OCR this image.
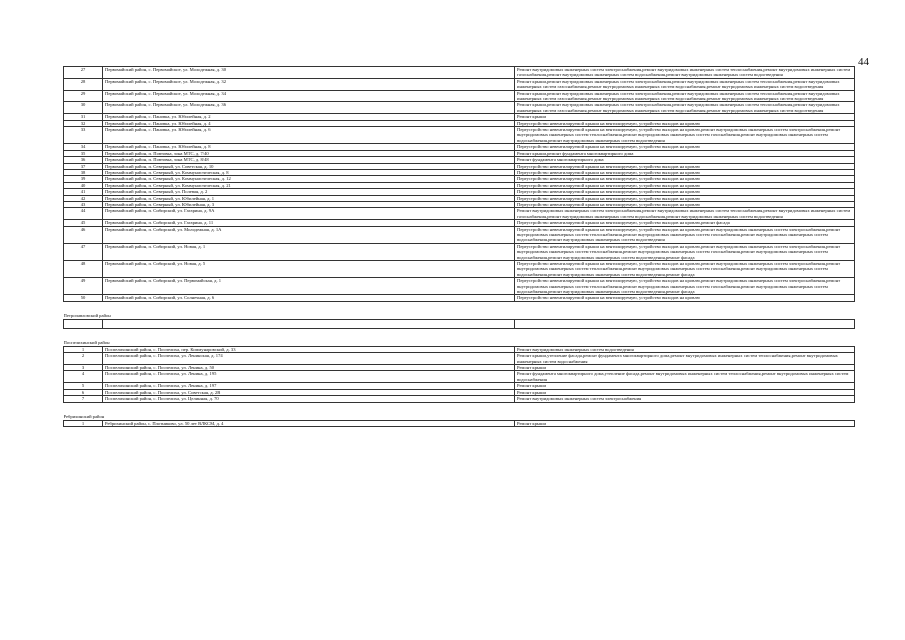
44
27	Первомайский район, с. Первомайское, ул. Молодежная, д. 30	Ремонт внутридомовых инженерных систем электроснабжения,ремонт внутридомовых инженерных систем теплоснабжения,ремонт внутридомовых инженерных систем газоснабжения,ремонт внутридомовых инженерных систем водоснабжения,ремонт внутридомовых инженерных систем водоотведения
28	Первомайский район, с. Первомайское, ул. Молодежная, д. 32	Ремонт крыши,ремонт внутридомовых инженерных систем электроснабжения,ремонт внутридомовых инженерных систем теплоснабжения,ремонт внутридомовых инженерных систем газоснабжения,ремонт внутридомовых инженерных систем водоснабжения,ремонт внутридомовых инженерных систем водоотведения
29	Первомайский район, с. Первомайское, ул. Молодежная, д. 34	Ремонт крыши,ремонт внутридомовых инженерных систем электроснабжения,ремонт внутридомовых инженерных систем теплоснабжения,ремонт внутридомовых инженерных систем газоснабжения,ремонт внутридомовых инженерных систем водоснабжения,ремонт внутридомовых инженерных систем водоотведения
30	Первомайский район, с. Первомайское, ул. Молодежная, д. 36	Ремонт крыши,ремонт внутридомовых инженерных систем электроснабжения,ремонт внутридомовых инженерных систем теплоснабжения,ремонт внутридомовых инженерных систем газоснабжения,ремонт внутридомовых инженерных систем водоснабжения,ремонт внутридомовых инженерных систем водоотведения
31	Первомайский район, с. Пановка, ул. Юбилейная, д. 2	Ремонт крыши
32	Первомайский район, с. Пановка, ул. Юбилейная, д. 4	Переустройство невентилируемой крыши на вентилируемую, устройство выходов на кровлю
33	Первомайский район, с. Пановка, ул. Юбилейная, д. 6	Переустройство невентилируемой крыши на вентилируемую, устройство выходов на кровлю,ремонт внутридомовых инженерных систем электроснабжения,ремонт внутридомовых инженерных систем теплоснабжения,ремонт внутридомовых инженерных систем газоснабжения,ремонт внутридомовых инженерных систем водоснабжения,ремонт внутридомовых инженерных систем водоотведения
34	Первомайский район, с. Пановка, ул. Юбилейная, д. 8	Переустройство невентилируемой крыши на вентилируемую, устройство выходов на кровлю
35	Первомайский район, п. Повтовка, зона МТС, д. 7/40	Ремонт крыши,ремонт фундамента многоквартирного дома
36	Первомайский район, п. Повтовка, зона МТС, д. 8/48	Ремонт фундамента многоквартирного дома
37	Первомайский район, п. Северный, ул. Советская, д. 10	Переустройство невентилируемой крыши на вентилируемую, устройство выходов на кровлю
38	Первомайский район, п. Северный, ул. Коммунистическая, д. 8	Переустройство невентилируемой крыши на вентилируемую, устройство выходов на кровлю
39	Первомайский район, п. Северный, ул. Коммунистическая, д. 12	Переустройство невентилируемой крыши на вентилируемую, устройство выходов на кровлю
40	Первомайский район, п. Северный, ул. Коммунистическая, д. 21	Переустройство невентилируемой крыши на вентилируемую, устройство выходов на кровлю
41	Первомайский район, п. Северный, ул. Полевая, д. 2	Переустройство невентилируемой крыши на вентилируемую, устройство выходов на кровлю
42	Первомайский район, п. Северный, ул. Юбилейная, д. 1	Переустройство невентилируемой крыши на вентилируемую, устройство выходов на кровлю
43	Первомайский район, п. Северный, ул. Юбилейная, д. 3	Переустройство невентилируемой крыши на вентилируемую, устройство выходов на кровлю
44	Первомайский район, п. Сибирский, ул. Гагарина, д. 9А	Ремонт внутридомовых инженерных систем электроснабжения,ремонт внутридомовых инженерных систем теплоснабжения,ремонт внутридомовых инженерных систем газоснабжения,ремонт внутридомовых инженерных систем водоснабжения,ремонт внутридомовых инженерных систем водоотведения
45	Первомайский район, п. Сибирский, ул. Гагарина, д. 11	Переустройство невентилируемой крыши на вентилируемую, устройство выходов на кровлю,ремонт фасада
46	Первомайский район, п. Сибирский, ул. Молодежная, д. 1А	Переустройство невентилируемой крыши на вентилируемую, устройство выходов на кровлю,ремонт внутридомовых инженерных систем электроснабжения,ремонт внутридомовых инженерных систем теплоснабжения,ремонт внутридомовых инженерных систем газоснабжения,ремонт внутридомовых инженерных систем водоснабжения,ремонт внутридомовых инженерных систем водоотведения
47	Первомайский район, п. Сибирский, ул. Новая, д. 1	Переустройство невентилируемой крыши на вентилируемую, устройство выходов на кровлю,ремонт внутридомовых инженерных систем электроснабжения,ремонт внутридомовых инженерных систем теплоснабжения,ремонт внутридомовых инженерных систем газоснабжения,ремонт внутридомовых инженерных систем водоснабжения,ремонт внутридомовых инженерных систем водоотведения,ремонт фасада
48	Первомайский район, п. Сибирский, ул. Новая, д. 5	Переустройство невентилируемой крыши на вентилируемую, устройство выходов на кровлю,ремонт внутридомовых инженерных систем электроснабжения,ремонт внутридомовых инженерных систем теплоснабжения,ремонт внутридомовых инженерных систем газоснабжения,ремонт внутридомовых инженерных систем водоснабжения,ремонт внутридомовых инженерных систем водоотведения,ремонт фасада
49	Первомайский район, п. Сибирский, ул. Первомайская, д. 1	Переустройство невентилируемой крыши на вентилируемую, устройство выходов на кровлю,ремонт внутридомовых инженерных систем электроснабжения,ремонт внутридомовых инженерных систем теплоснабжения,ремонт внутридомовых инженерных систем газоснабжения,ремонт внутридомовых инженерных систем водоснабжения,ремонт внутридомовых инженерных систем водоотведения,ремонт фасада
50	Первомайский район, п. Сибирский, ул. Солнечная, д. 6	Переустройство невентилируемой крыши на вентилируемую, устройство выходов на кровлю
Петропавловский район		

Поспелихинский район		
1	Поспелихинский район, с. Поспелиха, пер. Коммунаровский, д. 33	Ремонт внутридомовых инженерных систем водоотведения
2	Поспелихинский район, с. Поспелиха, ул. Ленинская, д. 174	Ремонт крыши,утепление фасада,ремонт фундамента многоквартирного дома,ремонт внутридомовых инженерных систем теплоснабжения,ремонт внутридомовых инженерных систем водоснабжения
3	Поспелихинский район, с. Поспелиха, ул. Ленина, д. 50	Ремонт крыши
4	Поспелихинский район, с. Поспелиха, ул. Ленина, д. 195	Ремонт фундамента многоквартирного дома,утепление фасада,ремонт внутридомовых инженерных систем теплоснабжения,ремонт внутридомовых инженерных систем водоснабжения
5	Поспелихинский район, с. Поспелиха, ул. Ленина, д. 197	Ремонт крыши
6	Поспелихинский район, с. Поспелиха, ул. Советская, д. 2В	Ремонт крыши
7	Поспелихинский район, с. Поспелиха, ул. Целинная, д. 70	Ремонт внутридомовых инженерных систем электроснабжения
Ребрихинский район		
1	Ребрихинский район, с. Плотниково, ул. 50 лет ВЛКСМ, д. 4	Ремонт крыши
